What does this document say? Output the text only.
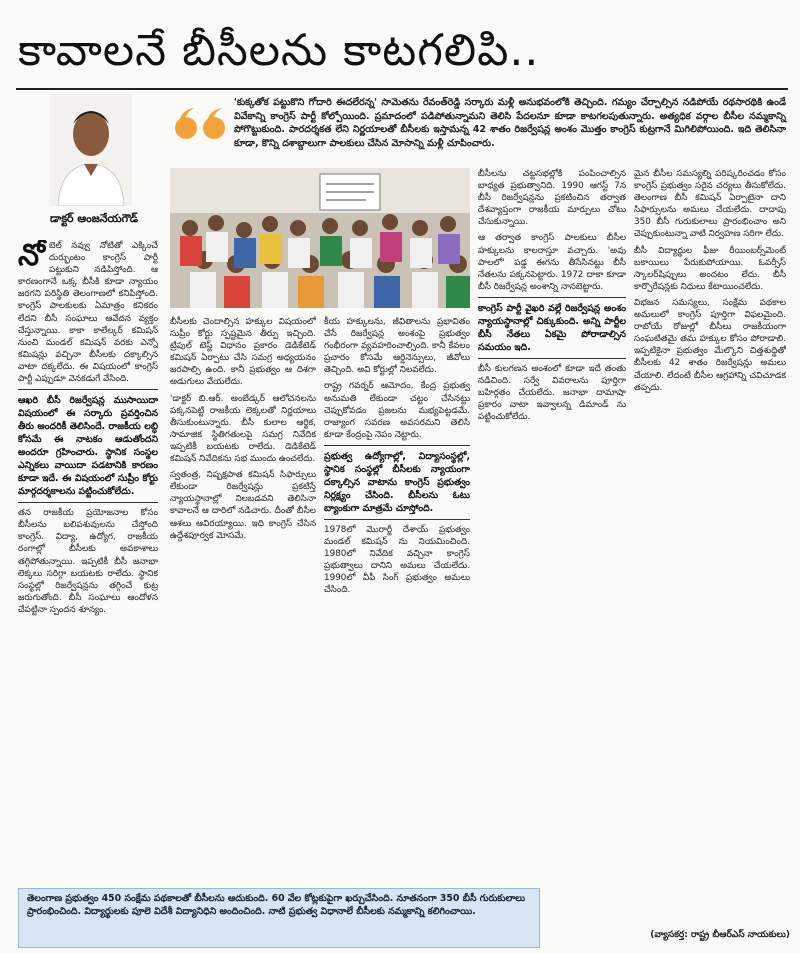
కావాలనే బీసీలను కాటగలిపి..
డాక్టర్ ఆంజనేయగౌడ్
'కుక్కతోక పట్టుకొని గోదారి ఈదలేరన్న' సామెతను రేవంత్‌రెడ్డి సర్కారు మళ్లీ అనుభవంలోకి తెచ్చింది. గమ్యం చేర్చాల్సిన నడిపోయే రథసారథికి ఉండే వివేకాన్ని కాంగ్రెస్ పార్టీ కోల్పోయింది. ప్రమాదంలో పడిపోతున్నామని తెలిసి పేదలనూ కూడా కాటగలపుతున్నారు. అత్యధిక వర్గాల బీసీల నమ్మకాన్ని పోగొట్టుకుంది. పారదర్శకత లేని నిర్ణయాలతో బీసీలకు ఇస్తామన్న 42 శాతం రిజర్వేషన్ల అంశం మొత్తం కాంగ్రెస్ కుట్రగానే మిగిలిపోయింది. ఇది తెలిసినా కూడా, కొన్ని దశాబ్దాలుగా పాలకులు చేసిన మోసాన్ని మళ్లీ చూపించారు.

నోబెల్ నవ్వు నోటితో ఎక్కించే దుర్భుంటం కాంగ్రెస్ పార్టీ పట్టుకుని నడిపిస్తోంది. ఆ కారణంగానే ఒక్క బీసీకి కూడా న్యాయం జరగని పరిస్థితి తెలంగాణలో కనిపిస్తోంది. కాంగ్రెస్ పాలకులకు ఏమాత్రం కనికరం లేదని బీసీ సంఘాలు ఆవేదన వ్యక్తం చేస్తున్నాయి. కాకా కాలేల్కర్ కమిషన్ నుంచి మండల్ కమిషన్ వరకు ఎన్నో కమిషన్లు వచ్చినా బీసీలకు దక్కాల్సిన వాటా దక్కలేదు. ఈ విషయంలో కాంగ్రెస్ పార్టీ ఎప్పుడూ వెనకడుగే వేసింది.

ఆఖరి బీసీ రిజర్వేషన్ల ముసాయిదా విషయంలో ఈ సర్కారు ప్రవర్తించిన తీరు అందరికీ తెలిసిందే. రాజకీయ లబ్ధి కోసమే ఈ నాటకం ఆడుతోందని అందరూ గ్రహించారు. స్థానిక సంస్థల ఎన్నికలు వాయిదా పడటానికి కారణం కూడా ఇదే. ఈ విషయంలో సుప్రీం కోర్టు మార్గదర్శకాలను పట్టించుకోలేదు.

తన రాజకీయ ప్రయోజనాల కోసం బీసీలను బలిపశువులను చేస్తోంది కాంగ్రెస్. విద్యా, ఉద్యోగ, రాజకీయ రంగాల్లో బీసీలకు అవకాశాలు తగ్గిపోతున్నాయి. ఇప్పటికీ బీసీ జనాభా లెక్కలు సరిగ్గా బయటకు రాలేదు. స్థానిక సంస్థల్లో రిజర్వేషన్లను తగ్గించే కుట్ర జరుగుతోంది. బీసీ సంఘాలు ఆందోళన చేపట్టినా స్పందన శూన్యం.

బీసీలకు చెందాల్సిన హక్కుల విషయంలో సుప్రీం కోర్టు స్పష్టమైన తీర్పు ఇచ్చింది. ట్రిపుల్ టెస్ట్ విధానం ప్రకారం డెడికేటెడ్ కమిషన్ ఏర్పాటు చేసి సమగ్ర అధ్యయనం జరపాల్సి ఉంది. కానీ ప్రభుత్వం ఆ దిశగా అడుగులు వేయలేదు.

'డాక్టర్ బి.ఆర్. అంబేడ్కర్ ఆలోచనలను పక్కనపెట్టి రాజకీయ లెక్కలతో నిర్ణయాలు తీసుకుంటున్నారు. బీసీ కులాల ఆర్థిక, సామాజిక స్థితిగతులపై సమగ్ర నివేదిక ఇప్పటికీ బయటకు రాలేదు. డెడికేటెడ్ కమిషన్ నివేదికను సభ ముందు ఉంచలేదు.

స్వతంత్ర, నిష్పక్షపాత కమిషన్ సిఫార్సులు లేకుండా రిజర్వేషన్లు ప్రకటిస్తే న్యాయస్థానాల్లో నిలబడవని తెలిసినా కావాలనే ఆ దారిలో నడిచారు. దీంతో బీసీల ఆశలు ఆవిరయ్యాయి. ఇది కాంగ్రెస్ చేసిన ఉద్దేశపూర్వక మోసమే.

కీయ హక్కులను, జీవితాలను ప్రభావితం చేసే రిజర్వేషన్ల అంశంపై ప్రభుత్వం గంభీరంగా వ్యవహరించాల్సింది. కానీ కేవలం ప్రచారం కోసమే ఆర్డినెన్సులు, జీవోలు తెచ్చింది. అవి కోర్టుల్లో నిలవలేదు.

రాష్ట్ర గవర్నర్ ఆమోదం, కేంద్ర ప్రభుత్వ అనుమతి లేకుండా చట్టం చేసినట్టు చెప్పుకోవడం ప్రజలను మభ్యపెట్టడమే. రాజ్యాంగ సవరణ అవసరమని తెలిసి కూడా కేంద్రంపై నెపం నెట్టారు.

ప్రభుత్వ ఉద్యోగాల్లో, విద్యాసంస్థల్లో, స్థానిక సంస్థల్లో బీసీలకు న్యాయంగా దక్కాల్సిన వాటాను కాంగ్రెస్ ప్రభుత్వం నిర్లక్ష్యం చేసింది. బీసీలను ఓటు బ్యాంకుగా మాత్రమే చూస్తోంది.

1978లో మొరార్జీ దేశాయ్ ప్రభుత్వం మండల్ కమిషన్ ను నియమించింది. 1980లో నివేదిక వచ్చినా కాంగ్రెస్ ప్రభుత్వాలు దానిని అమలు చేయలేదు. 1990లో వీపీ సింగ్ ప్రభుత్వం అమలు చేసింది.

బీసీలను చట్టసభల్లోకి పంపించాల్సిన బాధ్యత ప్రభుత్వానిది. 1990 ఆగస్ట్ 7న బీసీ రిజర్వేషన్లను ప్రకటించిన తర్వాత దేశవ్యాప్తంగా రాజకీయ మార్పులు చోటు చేసుకున్నాయి.

ఆ తర్వాత కాంగ్రెస్ పాలకులు బీసీల హక్కులను కాలరాస్తూ వచ్చారు. 'అవు పాలలో' పడ్డ ఈగను తీసేసినట్టు బీసీ నేతలను పక్కనపెట్టారు. 1972 దాకా కూడా బీసీ రిజర్వేషన్ల అంశాన్ని నానబెట్టారు.

కాంగ్రెస్ పార్టీ వైఖరి వల్లే రిజర్వేషన్ల అంశం న్యాయస్థానాల్లో చిక్కుకుంది. అన్ని పార్టీల బీసీ నేతలు ఏకమై పోరాడాల్సిన సమయం ఇది.

బీసీ కులగణన అంశంలో కూడా ఇదే తంతు నడిచింది. సర్వే వివరాలను పూర్తిగా బహిర్గతం చేయలేదు. జనాభా దామాషా ప్రకారం వాటా ఇవ్వాలన్న డిమాండ్ ను పట్టించుకోలేదు.

మైన బీసీల సమస్యల్ని పరిష్కరించడం కోసం కాంగ్రెస్ ప్రభుత్వం సరైన చర్యలు తీసుకోలేదు. తెలంగాణ బీసీ కమిషన్ ఏర్పాటైనా దాని సిఫార్సులను అమలు చేయలేదు. దాదాపు 350 బీసీ గురుకులాలు ప్రారంభించాం అని చెప్పుకుంటున్నా వాటి నిర్వహణ సరిగా లేదు.

బీసీ విద్యార్థుల ఫీజు రీయింబర్స్‌మెంట్ బకాయిలు పేరుకుపోయాయి. ఓవర్సీస్ స్కాలర్‌షిప్పులు అందటం లేదు. బీసీ కార్పొరేషన్లకు నిధులు కేటాయించలేదు.

విభజన సమస్యలు, సంక్షేమ పథకాల అమలులో కాంగ్రెస్ పూర్తిగా విఫలమైంది. రాబోయే రోజుల్లో బీసీలు రాజకీయంగా సంఘటితమై తమ హక్కుల కోసం పోరాడాలి. ఇప్పటికైనా ప్రభుత్వం మేల్కొని చిత్తశుద్ధితో బీసీలకు 42 శాతం రిజర్వేషన్లు అమలు చేయాలి. లేదంటే బీసీల ఆగ్రహాన్ని చవిచూడక తప్పదు.

తెలంగాణ ప్రభుత్వం 450 సంక్షేమ పథకాలతో బీసీలను ఆదుకుంది. 60 వేల కోట్లకుపైగా ఖర్చుచేసింది. నూతనంగా 350 బీసీ గురుకులాలు ప్రారంభించింది. విద్యార్థులకు పూలె విదేశీ విద్యానిధిని అందించింది. నాటి ప్రభుత్వ విధానాలే బీసీలకు నమ్మకాన్ని కలిగించాయి.
(వ్యాసకర్త: రాష్ట్ర బీఆర్ఎస్ నాయకులు)
